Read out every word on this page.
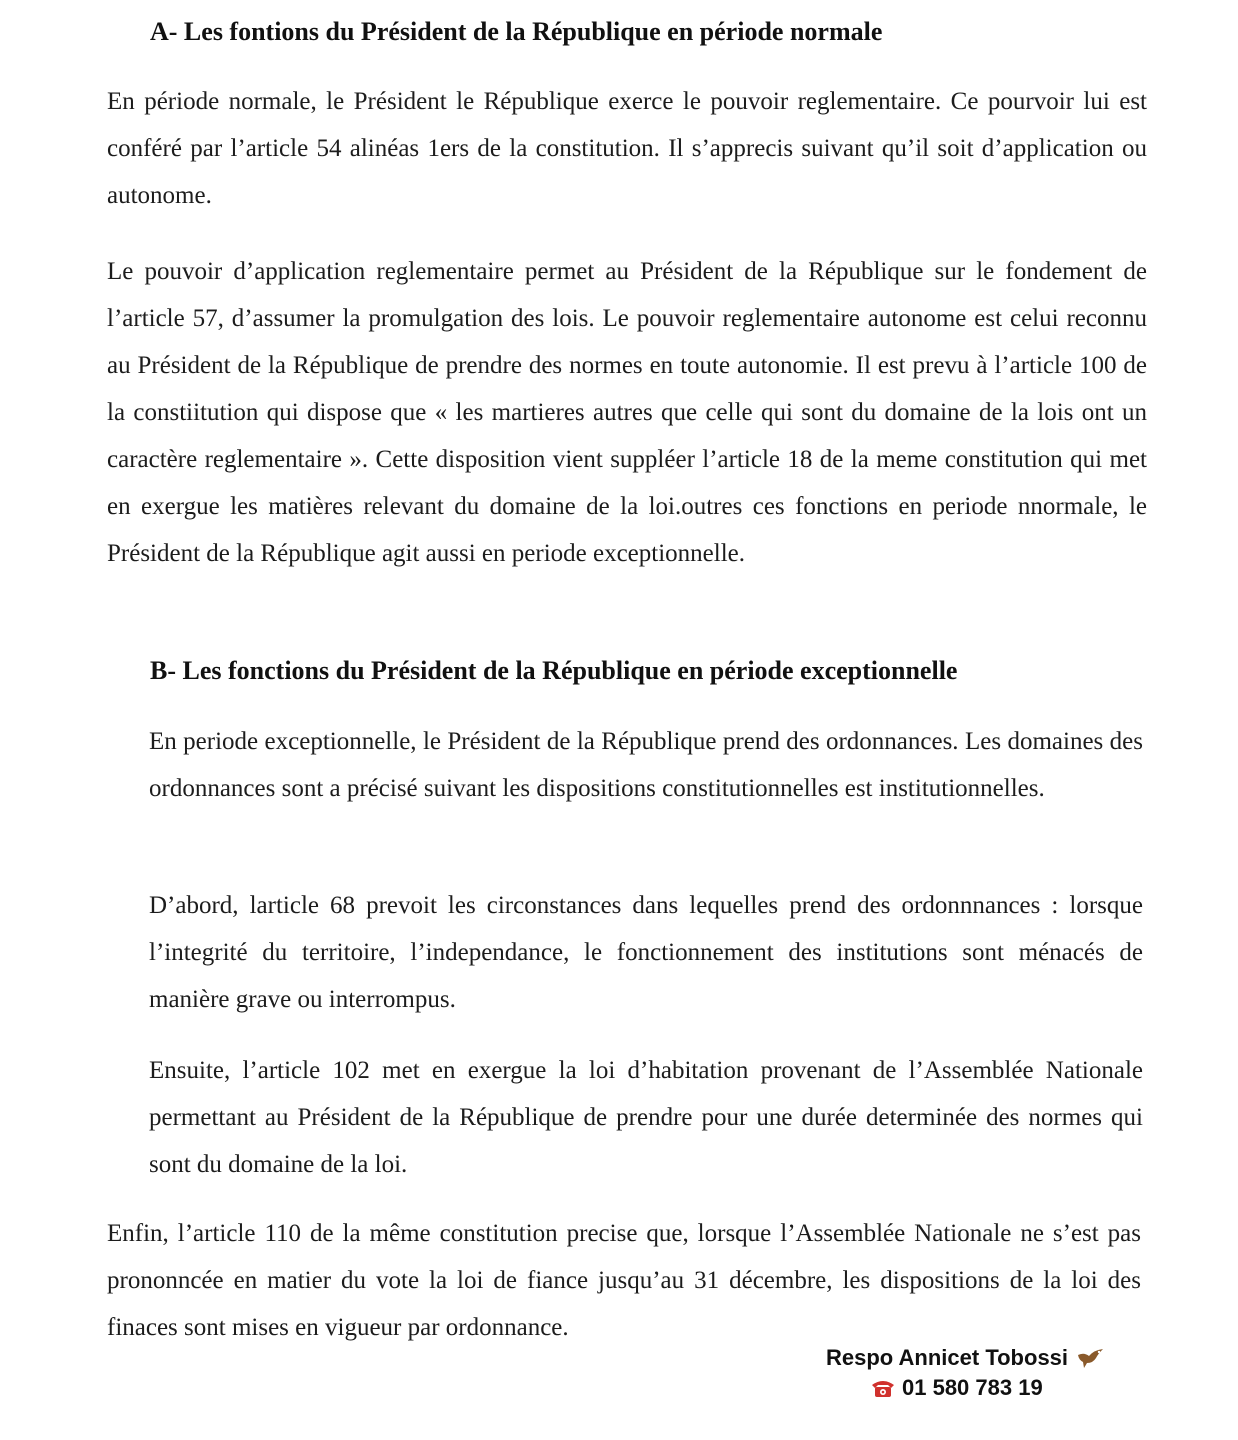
A- Les fontions du Président de la République en période normale
En période normale, le Président le République exerce le pouvoir reglementaire. Ce pourvoir lui est conféré par l’article 54 alinéas 1ers de la constitution. Il s’apprecis suivant qu’il soit d’application ou autonome.
Le pouvoir d’application reglementaire permet au Président de la République sur le fondement de l’article 57, d’assumer la promulgation des lois. Le pouvoir reglementaire autonome est celui reconnu au Président de la République de prendre des normes en toute autonomie. Il est prevu à l’article 100 de la constiitution qui dispose que « les martieres autres que celle qui sont du domaine de la lois ont un caractère reglementaire ». Cette disposition vient suppléer l’article 18 de la meme constitution qui met en exergue les matières relevant du domaine de la loi.outres ces fonctions en periode nnormale, le Président de la République agit aussi en periode exceptionnelle.
B- Les fonctions du Président de la République en période exceptionnelle
En periode exceptionnelle, le Président de la République prend des ordonnances. Les domaines des ordonnances sont a précisé suivant les dispositions constitutionnelles est institutionnelles.
D’abord, larticle 68 prevoit les circonstances dans lequelles prend des ordonnnances : lorsque l’integrité du territoire, l’independance, le fonctionnement des institutions sont ménacés de manière grave ou interrompus.
Ensuite, l’article 102 met en exergue la loi d’habitation provenant de l’Assemblée Nationale permettant au Président de la République de prendre pour une durée determinée des normes qui sont du domaine de la loi.
Enfin, l’article 110 de la même constitution precise que, lorsque l’Assemblée Nationale ne s’est pas prononncée en matier du vote la loi de fiance jusqu’au 31 décembre, les dispositions de la loi des finaces sont mises en vigueur par ordonnance.
Respo Annicet Tobossi
01 580 783 19
